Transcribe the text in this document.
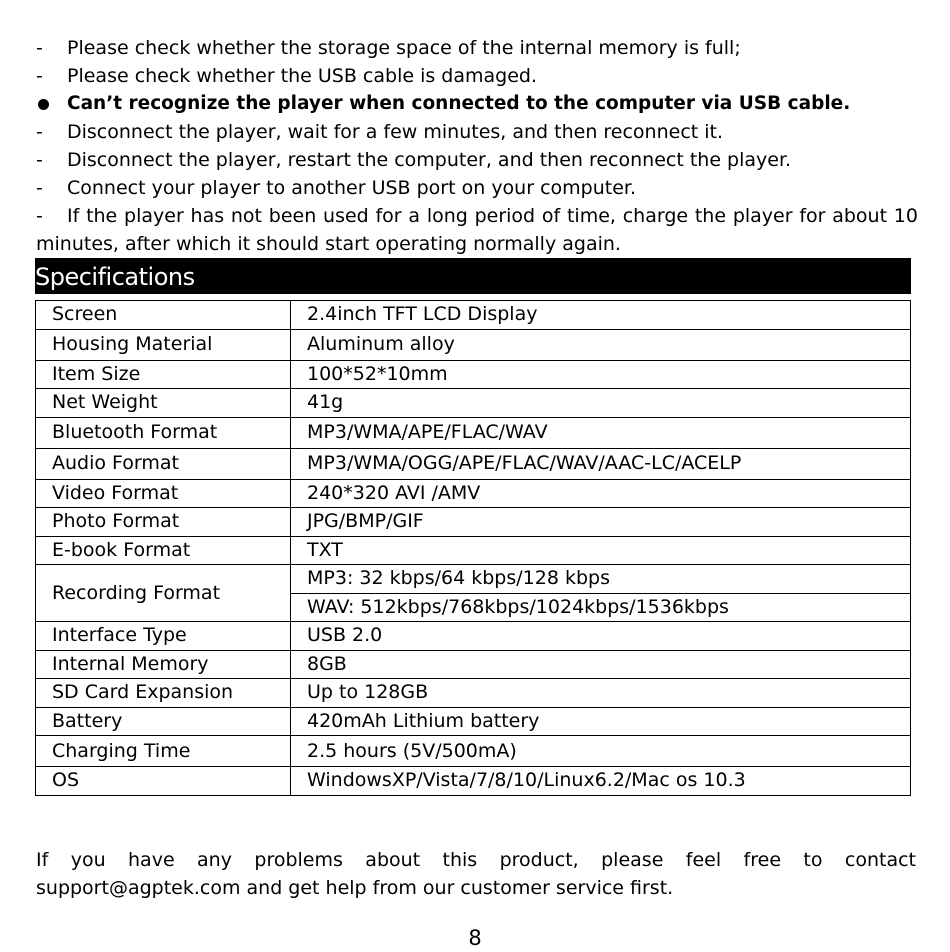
-	Please check whether the storage space of the internal memory is full;
-	Please check whether the USB cable is damaged.
Can’t recognize the player when connected to the computer via USB cable.
-	Disconnect the player, wait for a few minutes, and then reconnect it.
-	Disconnect the player, restart the computer, and then reconnect the player.
-	Connect your player to another USB port on your computer.
- If the player has not been used for a long period of time, charge the player for about 10 minutes, after which it should start operating normally again.
Specifications
Screen	2.4inch TFT LCD Display
Housing Material	Aluminum alloy
Item Size	100*52*10mm
Net Weight	41g
Bluetooth Format	MP3/WMA/APE/FLAC/WAV
Audio Format	MP3/WMA/OGG/APE/FLAC/WAV/AAC-LC/ACELP
Video Format	240*320 AVI /AMV
Photo Format	JPG/BMP/GIF
E-book Format	TXT
Recording Format	MP3: 32 kbps/64 kbps/128 kbps
	WAV: 512kbps/768kbps/1024kbps/1536kbps
Interface Type	USB 2.0
Internal Memory	8GB
SD Card Expansion	Up to 128GB
Battery	420mAh Lithium battery
Charging Time	2.5 hours (5V/500mA)
OS	WindowsXP/Vista/7/8/10/Linux6.2/Mac os 10.3
If you have any problems about this product, please feel free to contact
support@agptek.com and get help from our customer service first.
8
